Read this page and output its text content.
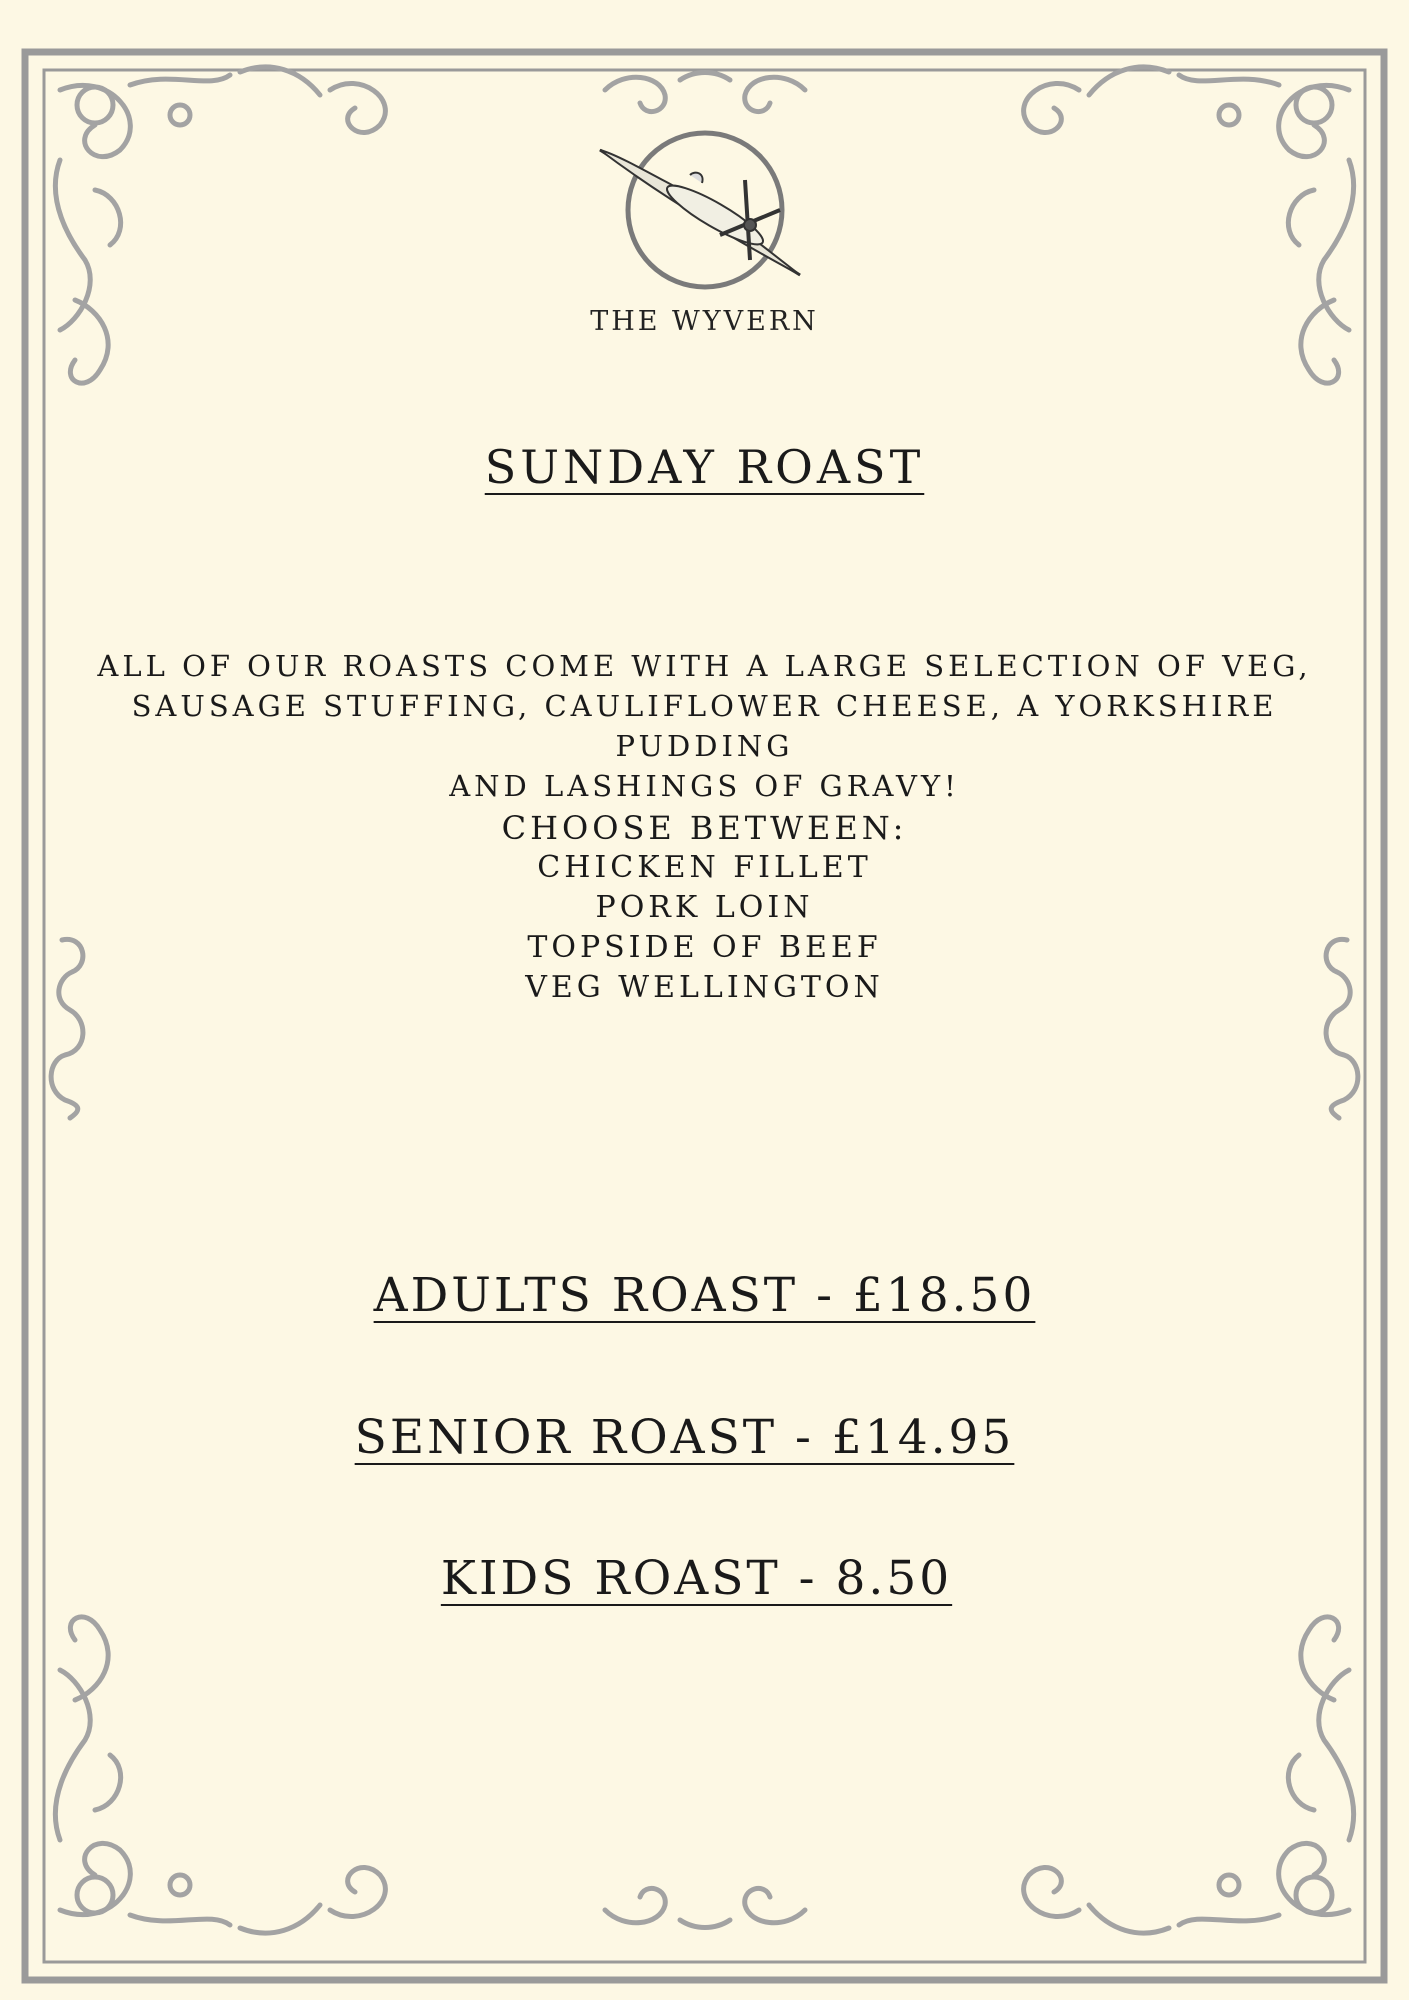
THE WYVERN
SUNDAY ROAST
ALL OF OUR ROASTS COME WITH A LARGE SELECTION OF VEG,
SAUSAGE STUFFING, CAULIFLOWER CHEESE, A YORKSHIRE PUDDING
AND LASHINGS OF GRAVY!
CHOOSE BETWEEN:
CHICKEN FILLET
PORK LOIN
TOPSIDE OF BEEF
VEG WELLINGTON
ADULTS ROAST - £18.50
SENIOR ROAST - £14.95
KIDS ROAST - 8.50
